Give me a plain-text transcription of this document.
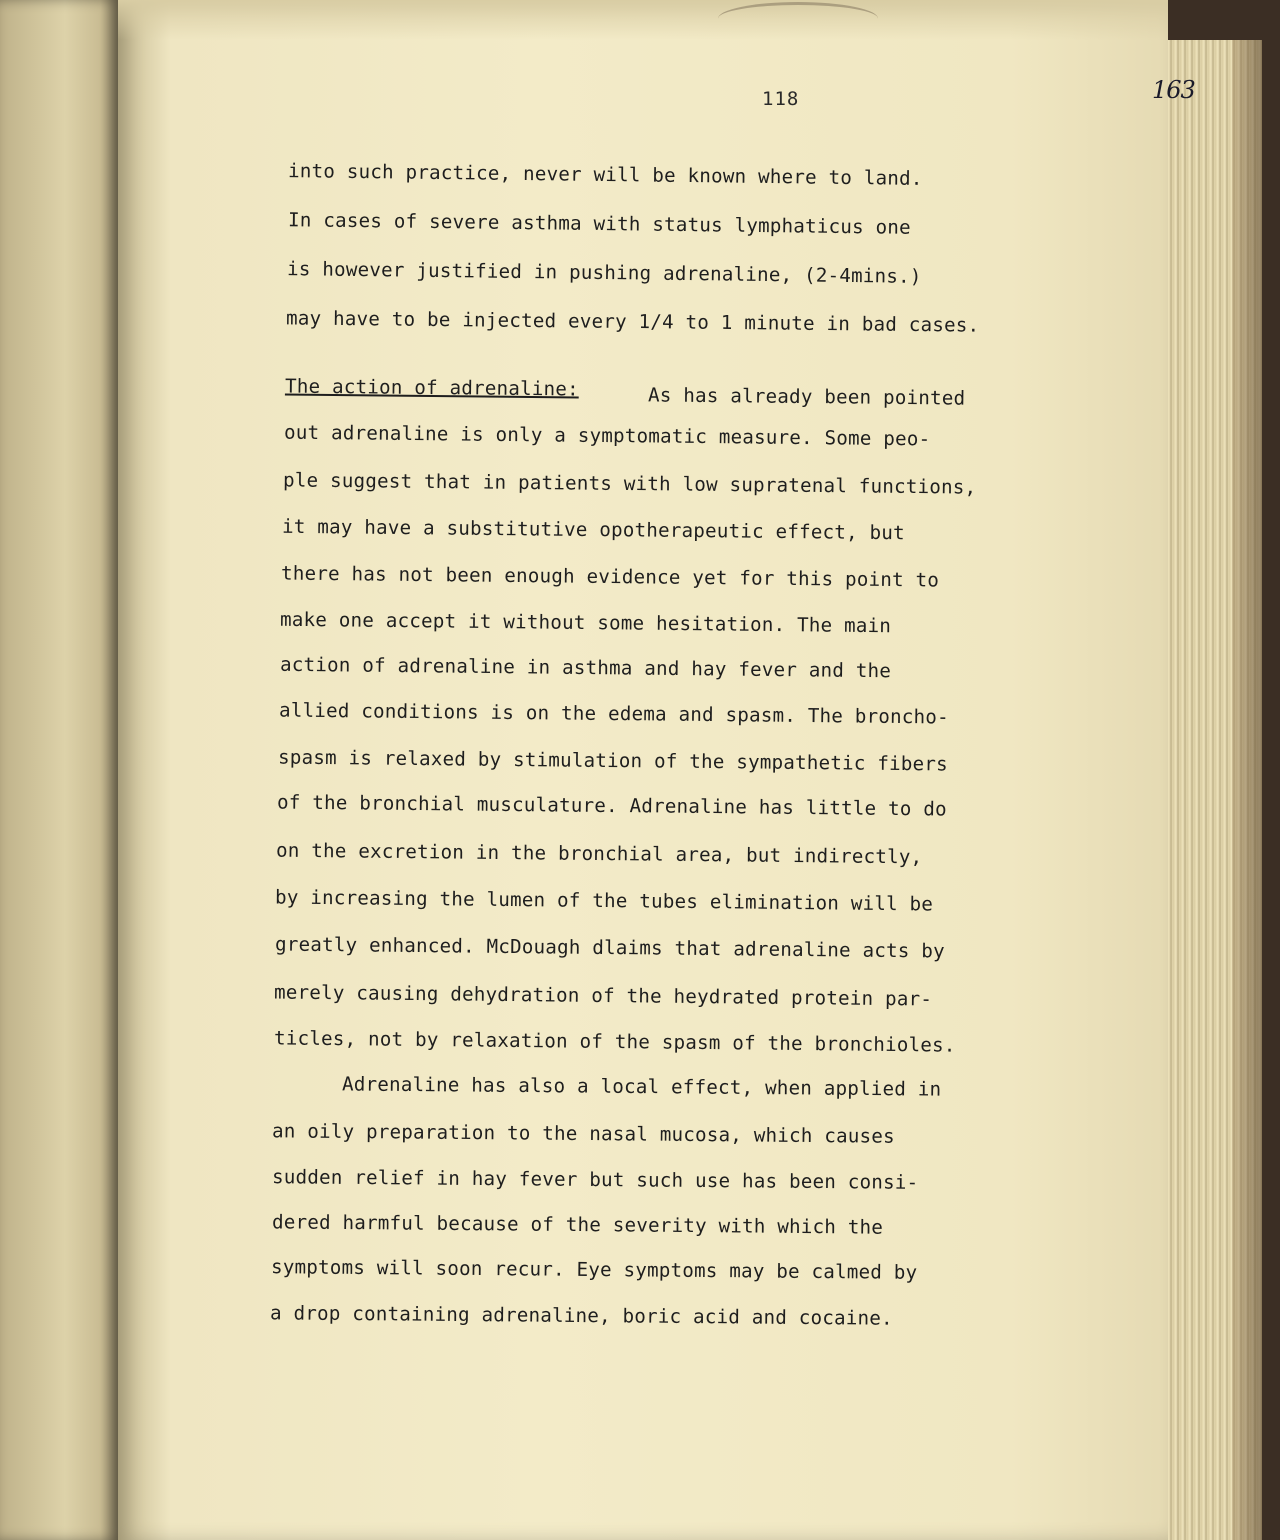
118	163
into such practice, never will be known where to land.
In cases of severe asthma with status lymphaticus one
is however justified in pushing adrenaline, (2-4mins.)
may have to be injected every 1/4 to 1 minute in bad cases.
The action of adrenaline:	As has already been pointed
out adrenaline is only a symptomatic measure. Some peo-
ple suggest that in patients with low supratenal functions,
it may have a substitutive opotherapeutic effect, but
there has not been enough evidence yet for this point to
make one accept it without some hesitation. The main
action of adrenaline in asthma and hay fever and the
allied conditions is on the edema and spasm. The broncho-
spasm is relaxed by stimulation of the sympathetic fibers
of the bronchial musculature. Adrenaline has little to do
on the excretion in the bronchial area, but indirectly,
by increasing the lumen of the tubes elimination will be
greatly enhanced. McDouagh dlaims that adrenaline acts by
merely causing dehydration of the heydrated protein par-
ticles, not by relaxation of the spasm of the bronchioles.
Adrenaline has also a local effect, when applied in
an oily preparation to the nasal mucosa, which causes
sudden relief in hay fever but such use has been consi-
dered harmful because of the severity with which the
symptoms will soon recur. Eye symptoms may be calmed by
a drop containing adrenaline, boric acid and cocaine.
